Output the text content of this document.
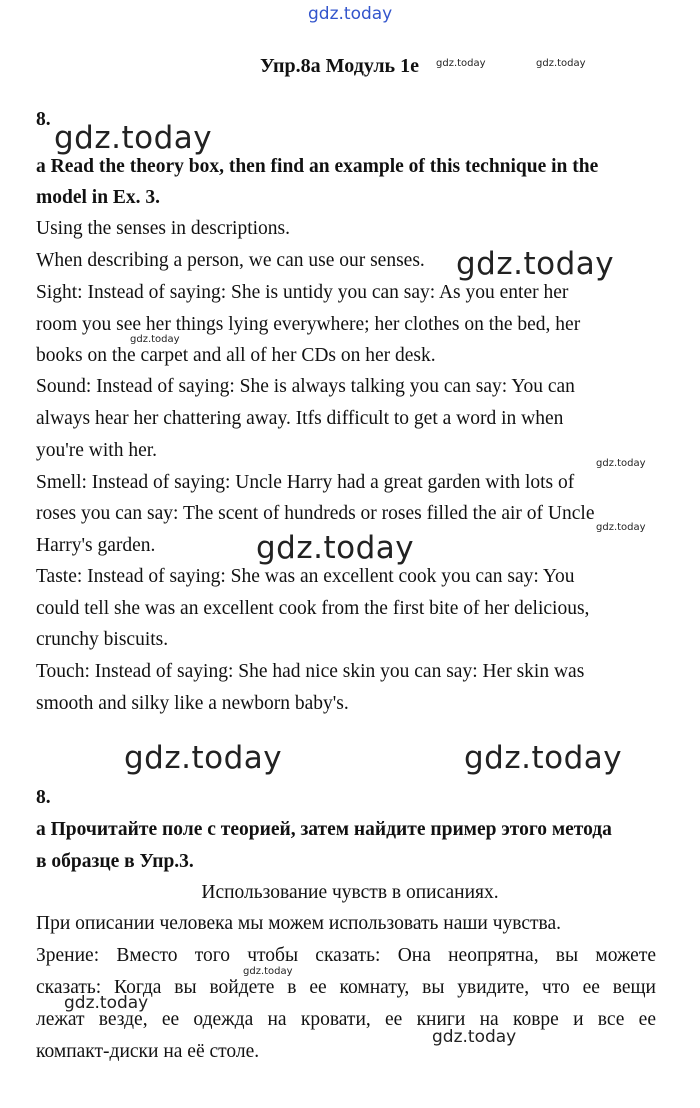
gdz.today
Упр.8а Модуль 1е gdz.today	gdz.today

8.

gdz.today

a Read the theory box, then find an example of this technique in the

model in Ex. 3.

Using the senses in descriptions.

When describing a person, we can use our senses. gdz.today

Sight: Instead of saying: She is untidy you can say: As you enter her

room you see her things lying everywhere; her clothes on the bed, her

gdz.today

books on the carpet and all of her CDs on her desk.

Sound: Instead of saying: She is always talking you can say: You can

always hear her chattering away. Itfs difficult to get a word in when

you're with her.

gdz.today

Smell: Instead of saying: Uncle Harry had a great garden with lots of

roses you can say: The scent of hundreds or roses filled the air of Uncle

gdz.today

Harry's garden.	gdz.today

Taste: Instead of saying: She was an excellent cook you can say: You

could tell she was an excellent cook from the first bite of her delicious,

crunchy biscuits.

Touch: Instead of saying: She had nice skin you can say: Her skin was

smooth and silky like a newborn baby's.

gdz.today	gdz.today

8.

а Прочитайте поле с теорией, затем найдите пример этого метода

в образце в Упр.3.

Использование чувств в описаниях.

При описании человека мы можем использовать наши чувства.

Зрение: Вместо того чтобы сказать: Она неопрятна, вы можете

gdz.today

сказать: Когда вы войдете в ее комнату, вы увидите, что ее вещи

gdz.today

лежат везде, ее одежда на кровати, ее книги на ковре и все ее

gdz.today

компакт-диски на её столе.
